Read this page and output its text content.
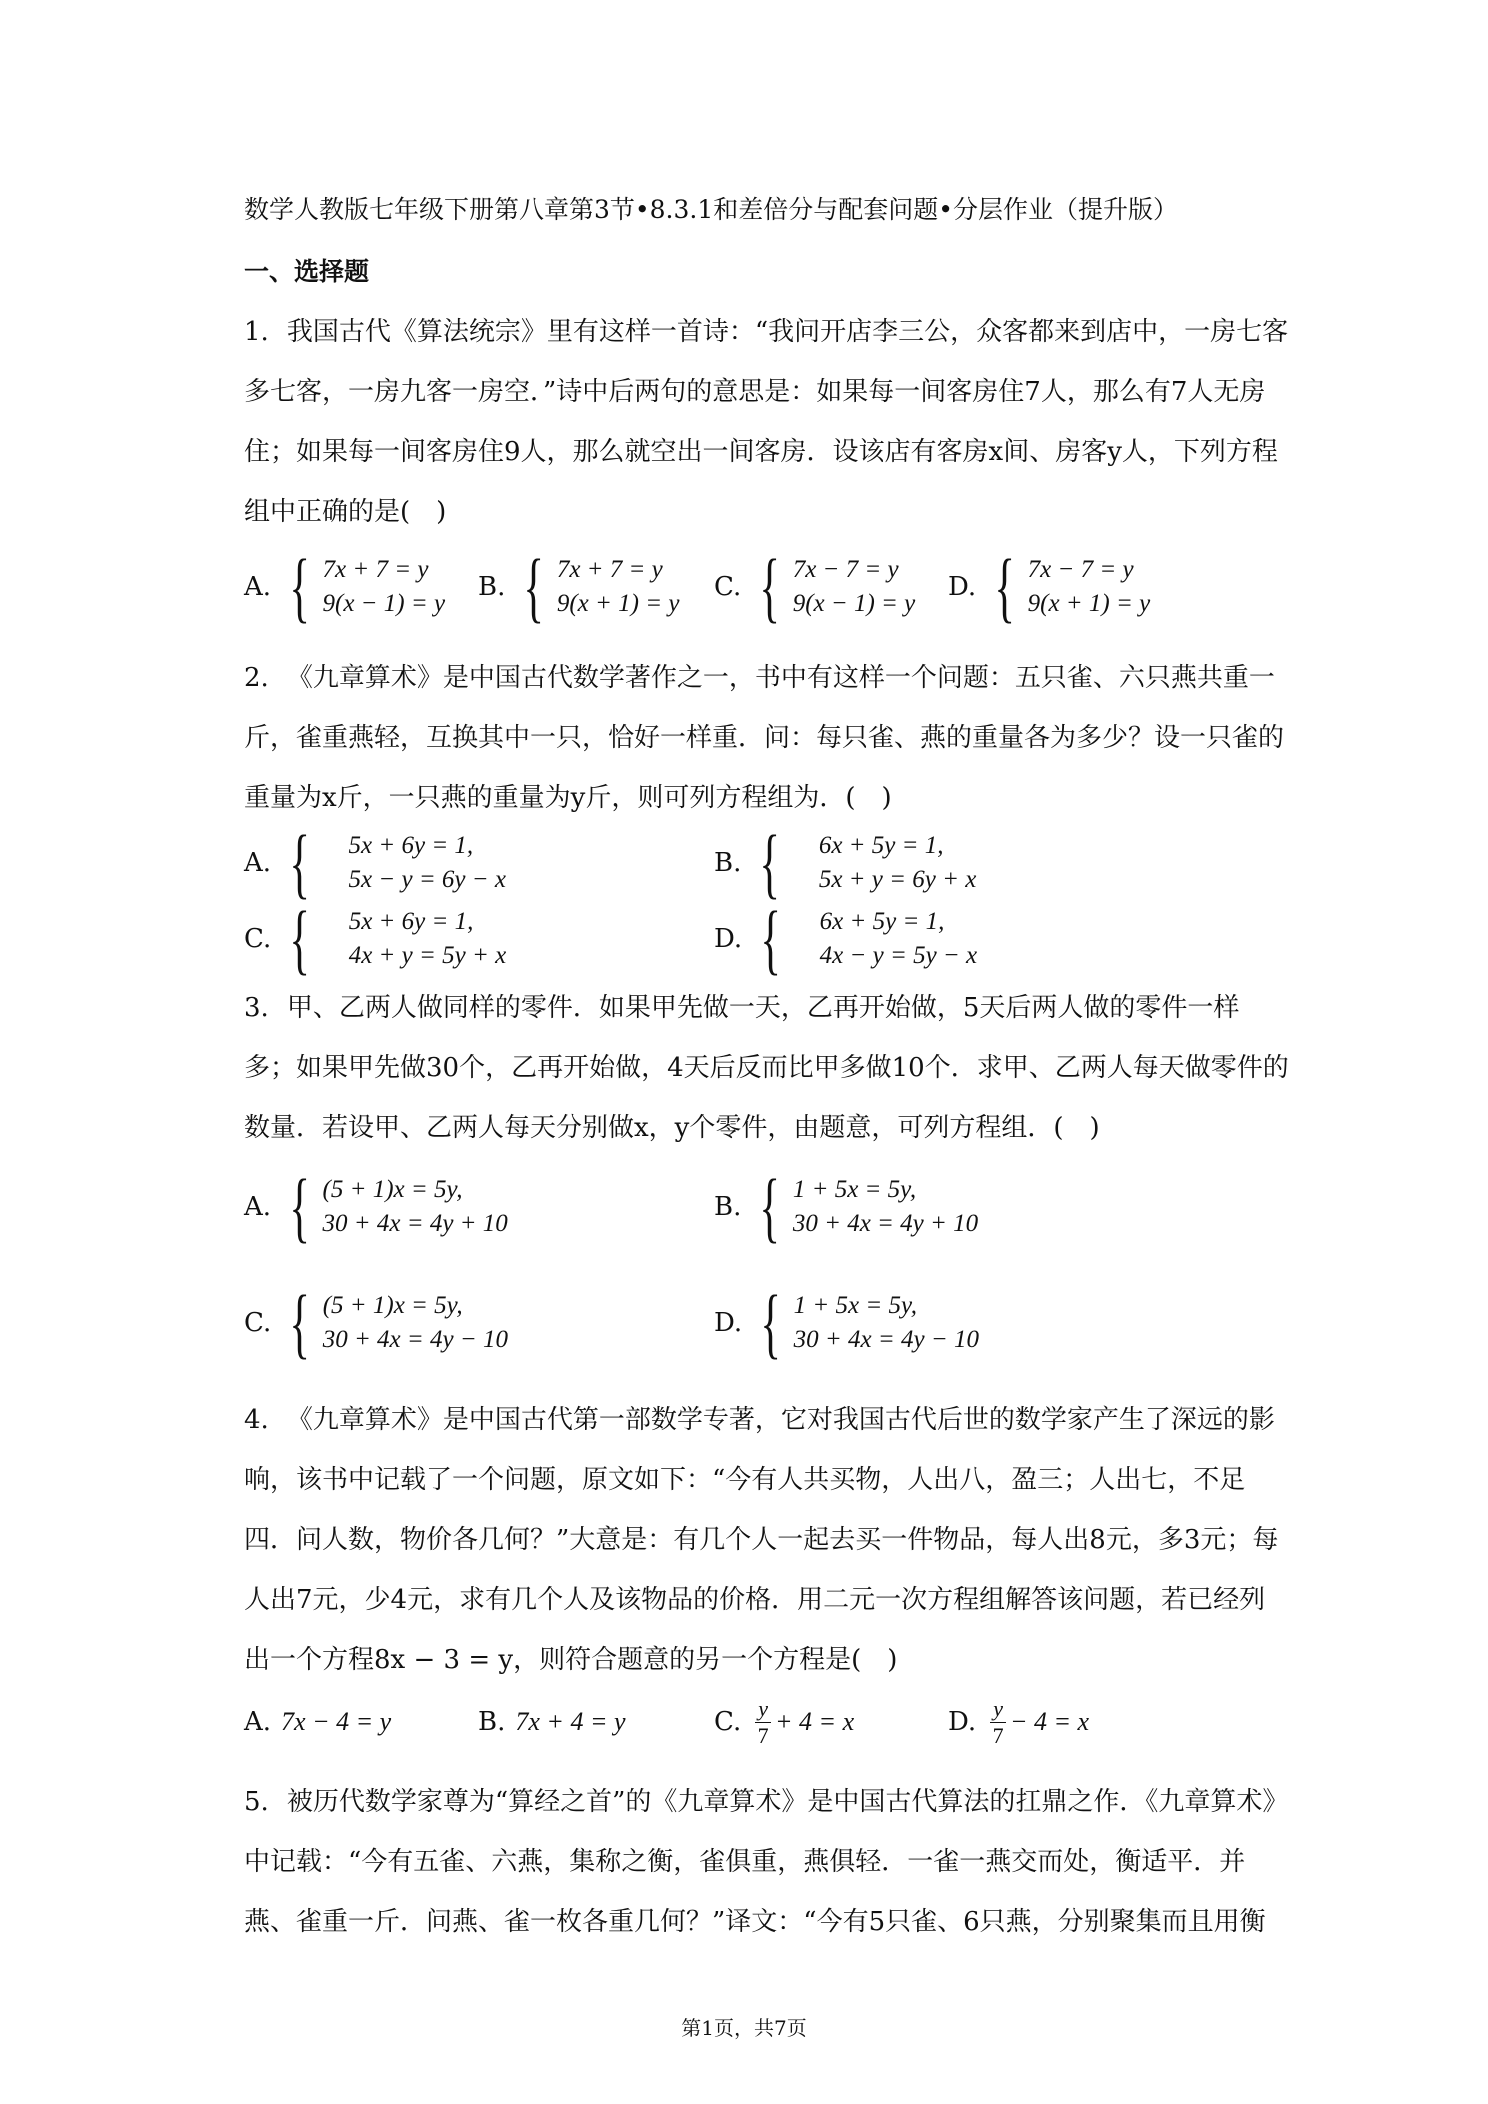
数学人教版七年级下册第八章第3节•8.3.1和差倍分与配套问题•分层作业（提升版）
一、选择题

1. 我国古代《算法统宗》里有这样一首诗：“我问开店李三公，众客都来到店中，一房七客多七客，一房九客一房空．”诗中后两句的意思是：如果每一间客房住7人，那么有7人无房住；如果每一间客房住9人，那么就空出一间客房．设该店有客房x间、房客y人，下列方程组中正确的是(　)

A. { 7x + 7 = y
9(x − 1) = y
B. { 7x + 7 = y
9(x + 1) = y
C. { 7x − 7 = y
9(x − 1) = y
D. { 7x − 7 = y
9(x + 1) = y

2. 《九章算术》是中国古代数学著作之一，书中有这样一个问题：五只雀、六只燕共重一斤，雀重燕轻，互换其中一只，恰好一样重．问：每只雀、燕的重量各为多少？设一只雀的重量为x斤，一只燕的重量为y斤，则可列方程组为．(　)

A. { 5x + 6y = 1,
5x − y = 6y − x
B. { 6x + 5y = 1,
5x + y = 6y + x
C. { 5x + 6y = 1,
4x + y = 5y + x
D. { 6x + 5y = 1,
4x − y = 5y − x

3. 甲、乙两人做同样的零件．如果甲先做一天，乙再开始做，5天后两人做的零件一样多；如果甲先做30个，乙再开始做，4天后反而比甲多做10个．求甲、乙两人每天做零件的数量．若设甲、乙两人每天分别做x，y个零件，由题意，可列方程组．(　)

A. { (5 + 1)x = 5y,
30 + 4x = 4y + 10
B. { 1 + 5x = 5y,
30 + 4x = 4y + 10
C. { (5 + 1)x = 5y,
30 + 4x = 4y − 10
D. { 1 + 5x = 5y,
30 + 4x = 4y − 10

4. 《九章算术》是中国古代第一部数学专著，它对我国古代后世的数学家产生了深远的影响，该书中记载了一个问题，原文如下：“今有人共买物，人出八，盈三；人出七，不足四．问人数，物价各几何？”大意是：有几个人一起去买一件物品，每人出8元，多3元；每人出7元，少4元，求有几个人及该物品的价格．用二元一次方程组解答该问题，若已经列出一个方程8x − 3 = y，则符合题意的另一个方程是(　)

A. 7x − 4 = y	B. 7x + 4 = y	C. $\frac{y}{7} + 4 = x$	D. $\frac{y}{7} - 4 = x$

5. 被历代数学家尊为“算经之首”的《九章算术》是中国古代算法的扛鼎之作．《九章算术》中记载：“今有五雀、六燕，集称之衡，雀俱重，燕俱轻．一雀一燕交而处，衡适平．并燕、雀重一斤．问燕、雀一枚各重几何？”译文：“今有5只雀、6只燕，分别聚集而且用衡

第1页，共7页
